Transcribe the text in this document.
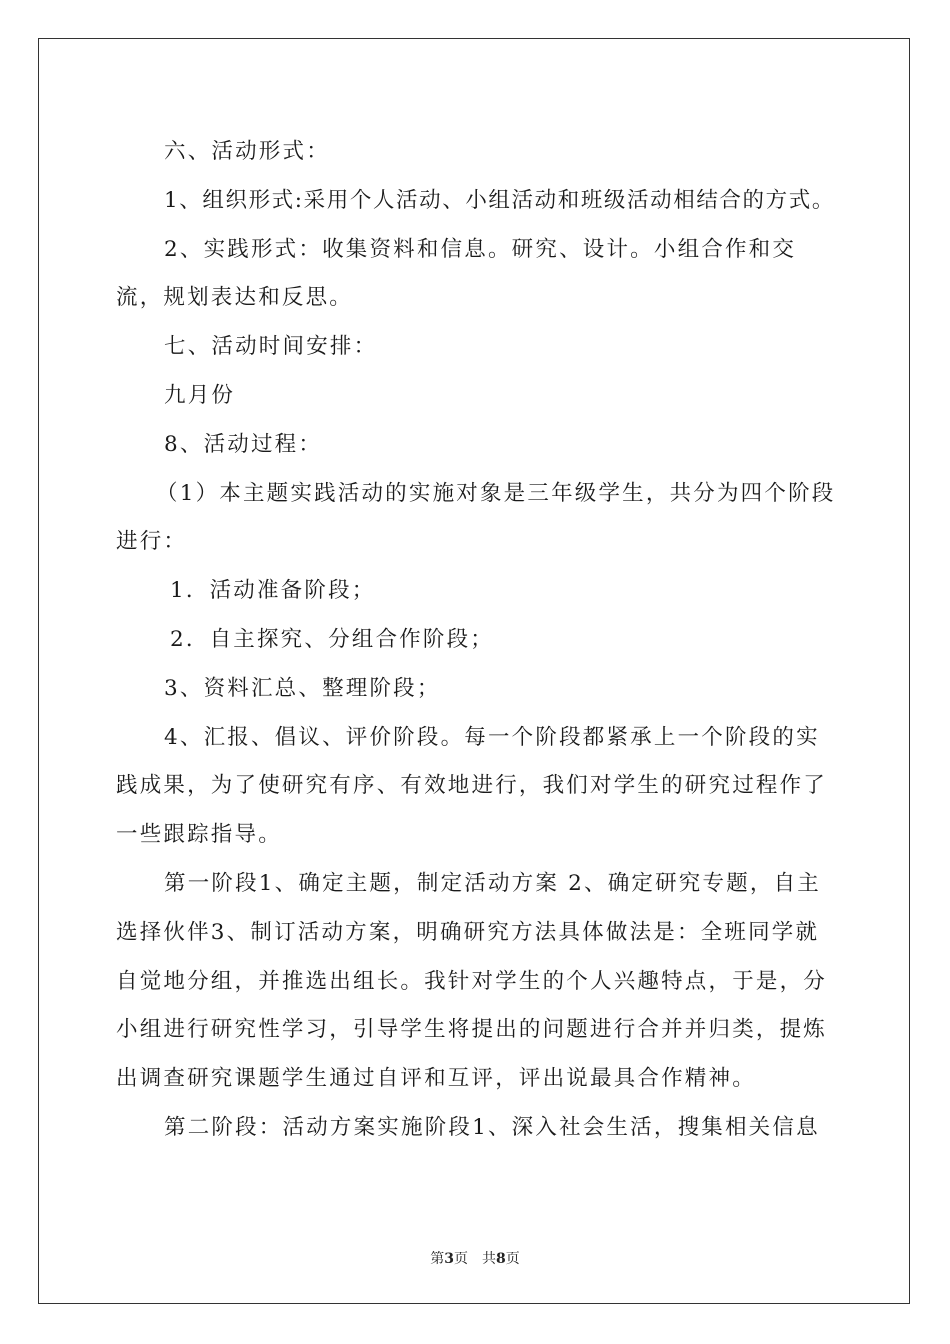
六、活动形式：

1、组织形式:采用个人活动、小组活动和班级活动相结合的方式。

2、实践形式：收集资料和信息。研究、设计。小组合作和交流，规划表达和反思。

七、活动时间安排：

九月份

8、活动过程：

（1）本主题实践活动的实施对象是三年级学生，共分为四个阶段进行：

1．活动准备阶段；

2．自主探究、分组合作阶段；

3、资料汇总、整理阶段；

4、汇报、倡议、评价阶段。每一个阶段都紧承上一个阶段的实践成果，为了使研究有序、有效地进行，我们对学生的研究过程作了一些跟踪指导。

第一阶段1、确定主题，制定活动方案 2、确定研究专题，自主选择伙伴3、制订活动方案，明确研究方法具体做法是：全班同学就自觉地分组，并推选出组长。我针对学生的个人兴趣特点，于是，分小组进行研究性学习，引导学生将提出的问题进行合并并归类，提炼出调查研究课题学生通过自评和互评，评出说最具合作精神。

第二阶段：活动方案实施阶段1、深入社会生活，搜集相关信息

第3页　共8页
